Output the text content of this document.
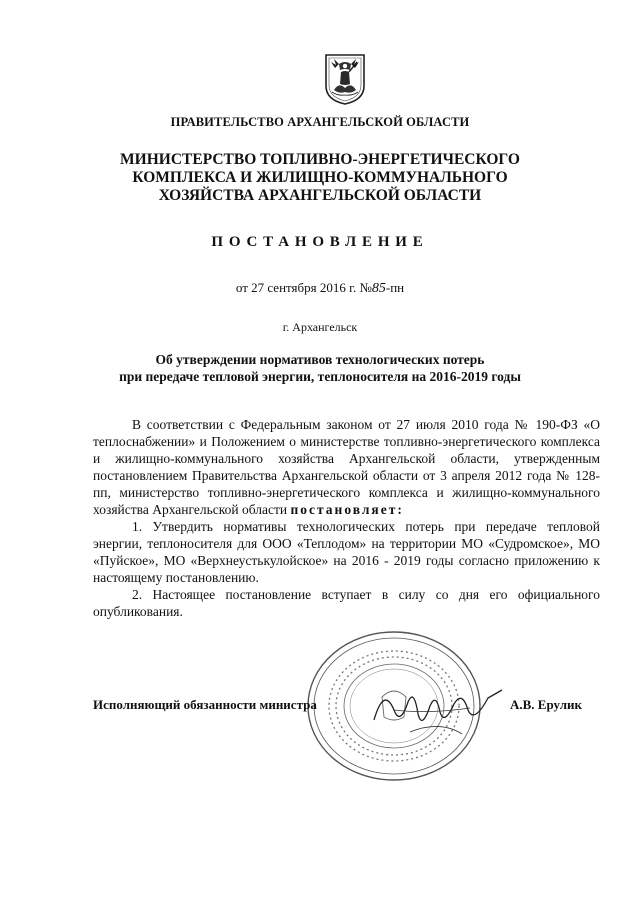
ПРАВИТЕЛЬСТВО АРХАНГЕЛЬСКОЙ ОБЛАСТИ
МИНИСТЕРСТВО ТОПЛИВНО-ЭНЕРГЕТИЧЕСКОГО
КОМПЛЕКСА И ЖИЛИЩНО-КОММУНАЛЬНОГО
ХОЗЯЙСТВА АРХАНГЕЛЬСКОЙ ОБЛАСТИ
ПОСТАНОВЛЕНИЕ
от 27 сентября 2016 г. №85-пн
г. Архангельск
Об утверждении нормативов технологических потерь
при передаче тепловой энергии, теплоносителя на 2016-2019 годы

В соответствии с Федеральным законом от 27 июля 2010 года № 190-ФЗ «О теплоснабжении» и Положением о министерстве топливно-энергетического комплекса и жилищно-коммунального хозяйства Архангельской области, утвержденным постановлением Правительства Архангельской области от 3 апреля 2012 года № 128-пп, министерство топливно-энергетического комплекса и жилищно-коммунального хозяйства Архангельской области постановляет:

1. Утвердить нормативы технологических потерь при передаче тепловой энергии, теплоносителя для ООО «Теплодом» на территории МО «Судромское», МО «Пуйское», МО «Верхнеустькулойское» на 2016 - 2019 годы согласно приложению к настоящему постановлению.

2. Настоящее постановление вступает в силу со дня его официального опубликования.

Исполняющий обязанности министра	А.В. Ерулик
